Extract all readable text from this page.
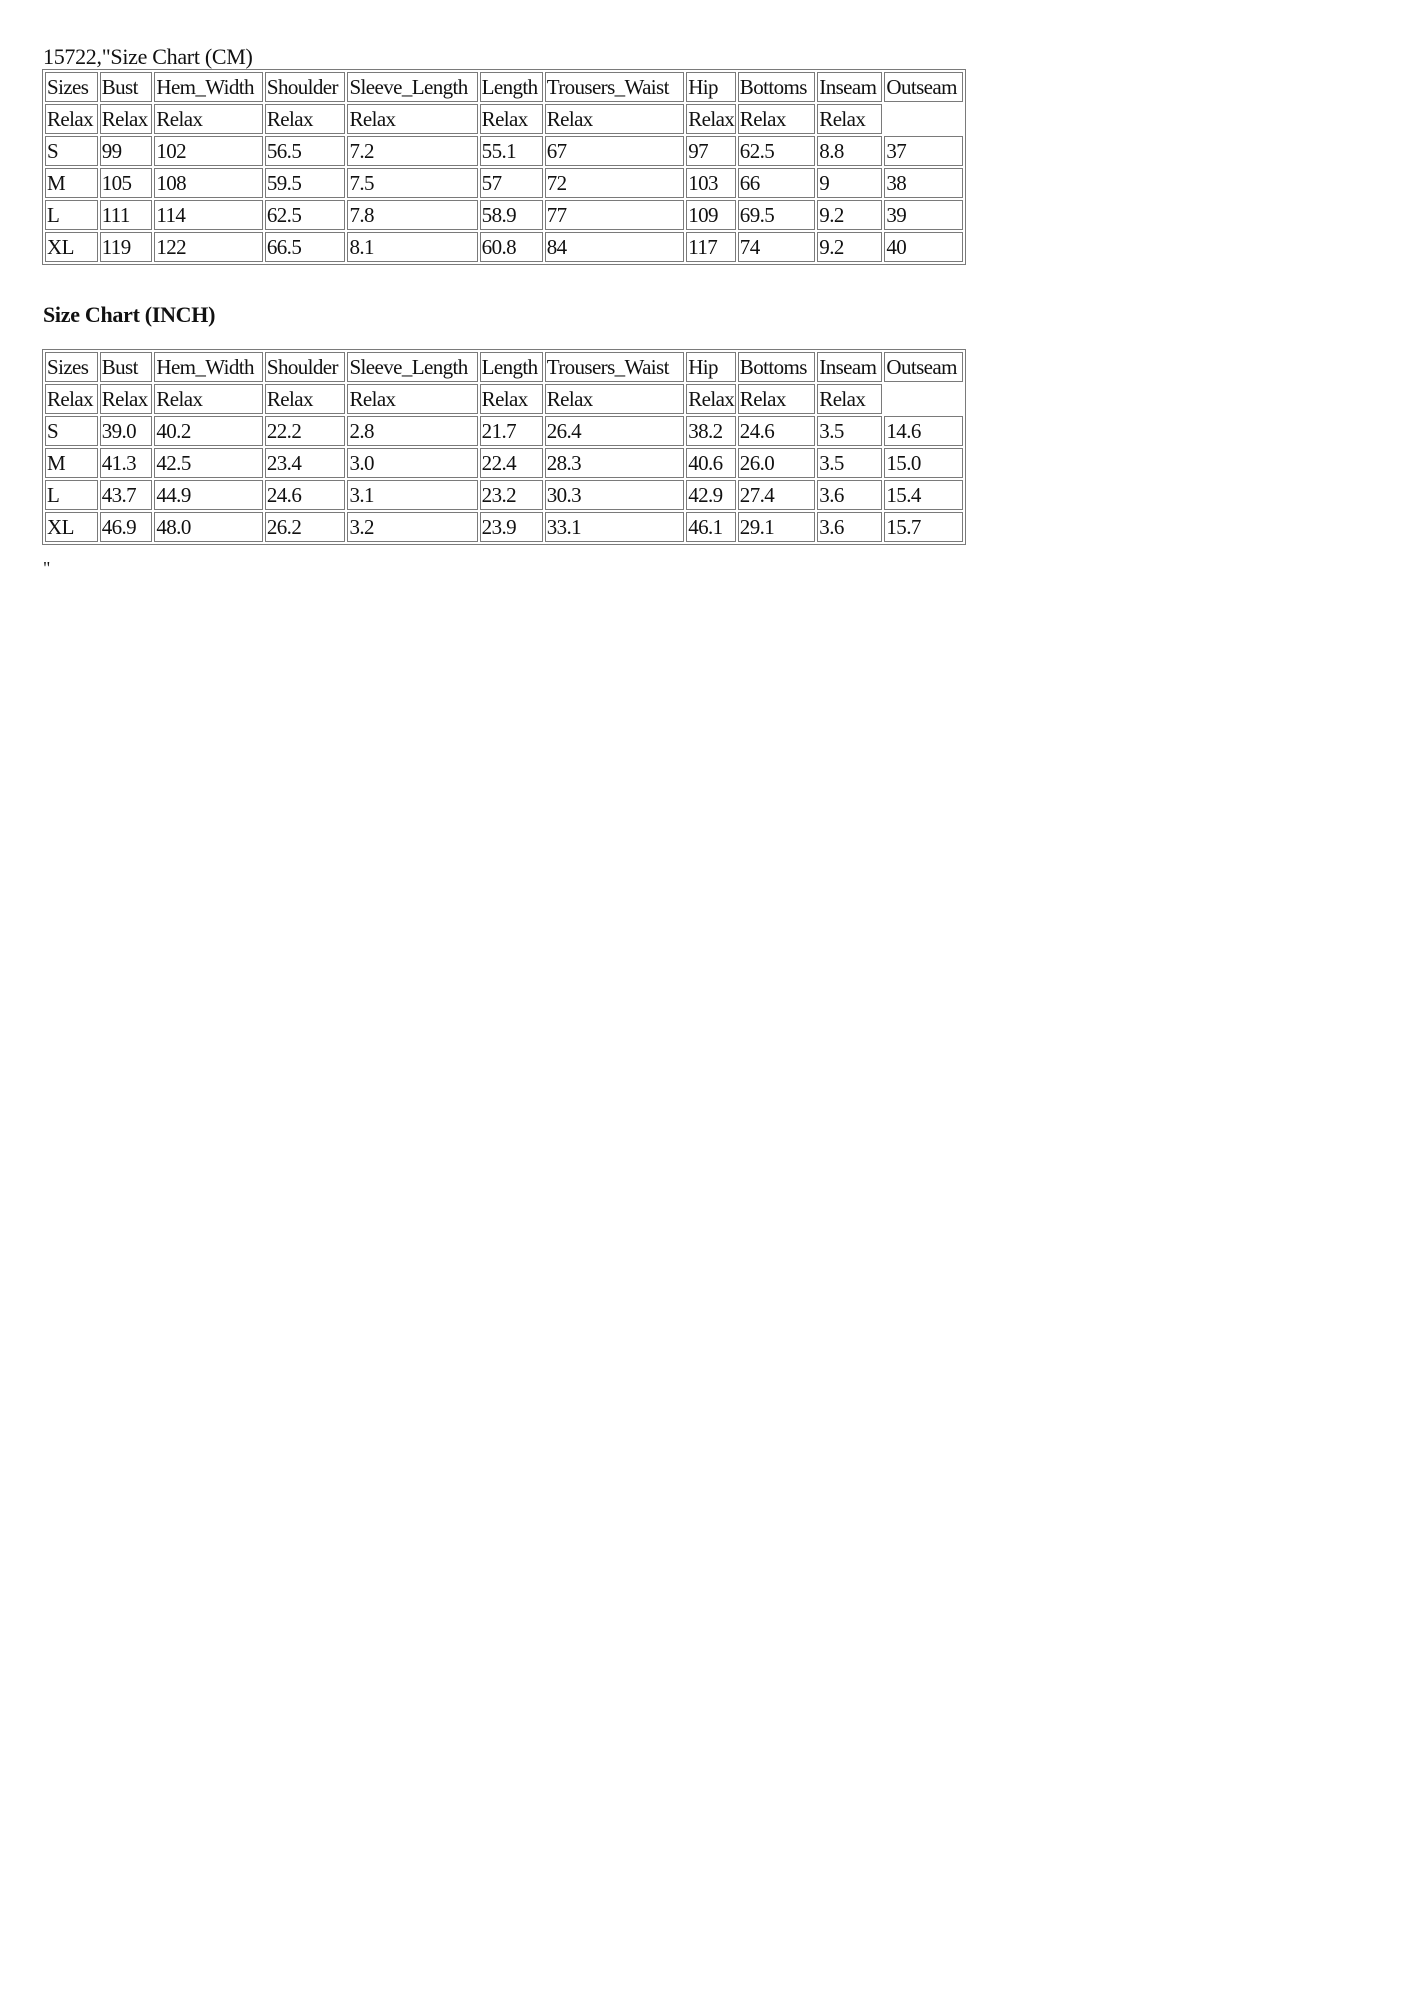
15722,"Size Chart (CM)
Sizes	Bust	Hem_Width	Shoulder	Sleeve_Length	Length	Trousers_Waist	Hip	Bottoms	Inseam	Outseam
Relax	Relax	Relax	Relax	Relax	Relax	Relax	Relax	Relax	Relax	
S	99	102	56.5	7.2	55.1	67	97	62.5	8.8	37
M	105	108	59.5	7.5	57	72	103	66	9	38
L	111	114	62.5	7.8	58.9	77	109	69.5	9.2	39
XL	119	122	66.5	8.1	60.8	84	117	74	9.2	40
Size Chart (INCH)
Sizes	Bust	Hem_Width	Shoulder	Sleeve_Length	Length	Trousers_Waist	Hip	Bottoms	Inseam	Outseam
Relax	Relax	Relax	Relax	Relax	Relax	Relax	Relax	Relax	Relax	
S	39.0	40.2	22.2	2.8	21.7	26.4	38.2	24.6	3.5	14.6
M	41.3	42.5	23.4	3.0	22.4	28.3	40.6	26.0	3.5	15.0
L	43.7	44.9	24.6	3.1	23.2	30.3	42.9	27.4	3.6	15.4
XL	46.9	48.0	26.2	3.2	23.9	33.1	46.1	29.1	3.6	15.7
"
